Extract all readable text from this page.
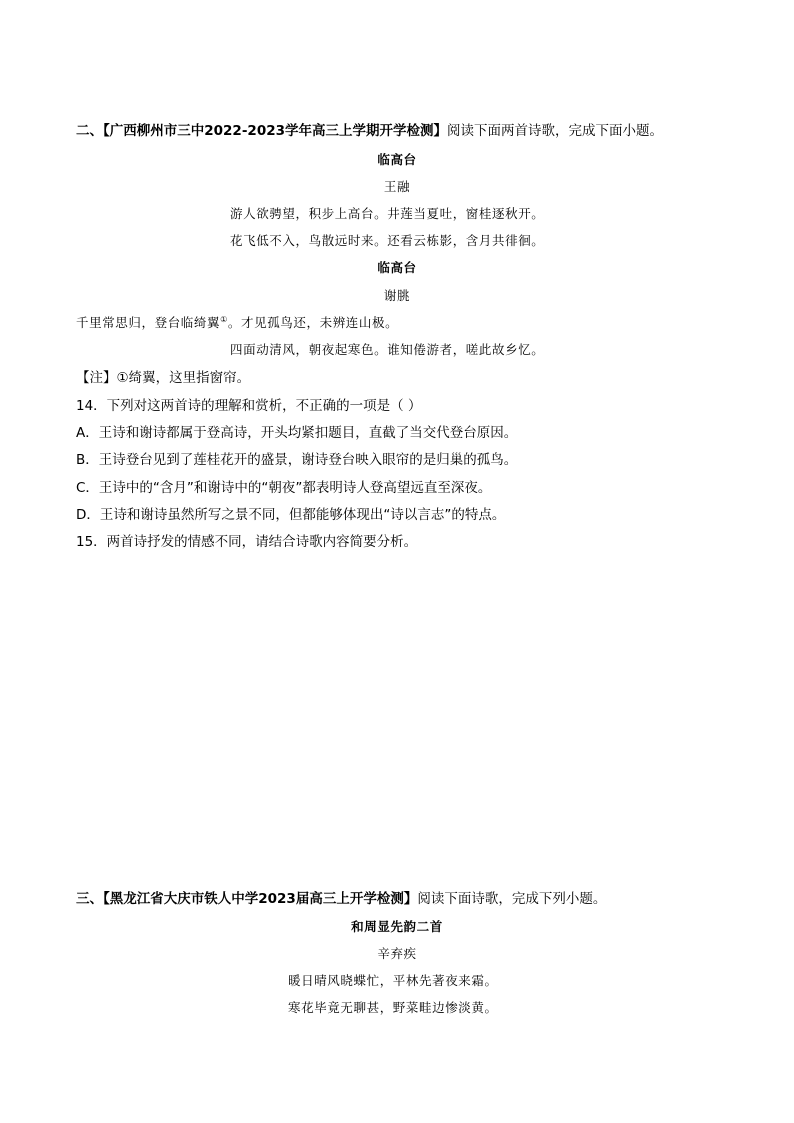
二、【广西柳州市三中2022-2023学年高三上学期开学检测】阅读下面两首诗歌，完成下面小题。
临高台
王融
游人欲骋望，积步上高台。井莲当夏吐，窗桂逐秋开。
花飞低不入，鸟散远时来。还看云栋影，含月共徘徊。
临高台
谢朓
千里常思归，登台临绮翼①。才见孤鸟还，未辨连山极。
四面动清风，朝夜起寒色。谁知倦游者，嗟此故乡忆。
【注】①绮翼，这里指窗帘。
14．下列对这两首诗的理解和赏析，不正确的一项是（ ）
A．王诗和谢诗都属于登高诗，开头均紧扣题目，直截了当交代登台原因。
B．王诗登台见到了莲桂花开的盛景，谢诗登台映入眼帘的是归巢的孤鸟。
C．王诗中的“含月”和谢诗中的“朝夜”都表明诗人登高望远直至深夜。
D．王诗和谢诗虽然所写之景不同，但都能够体现出“诗以言志”的特点。
15．两首诗抒发的情感不同，请结合诗歌内容简要分析。
三、【黑龙江省大庆市铁人中学2023届高三上开学检测】阅读下面诗歌，完成下列小题。
和周显先韵二首
辛弃疾
暖日晴风晓蝶忙，平林先著夜来霜。
寒花毕竟无聊甚，野菜畦边惨淡黄。
